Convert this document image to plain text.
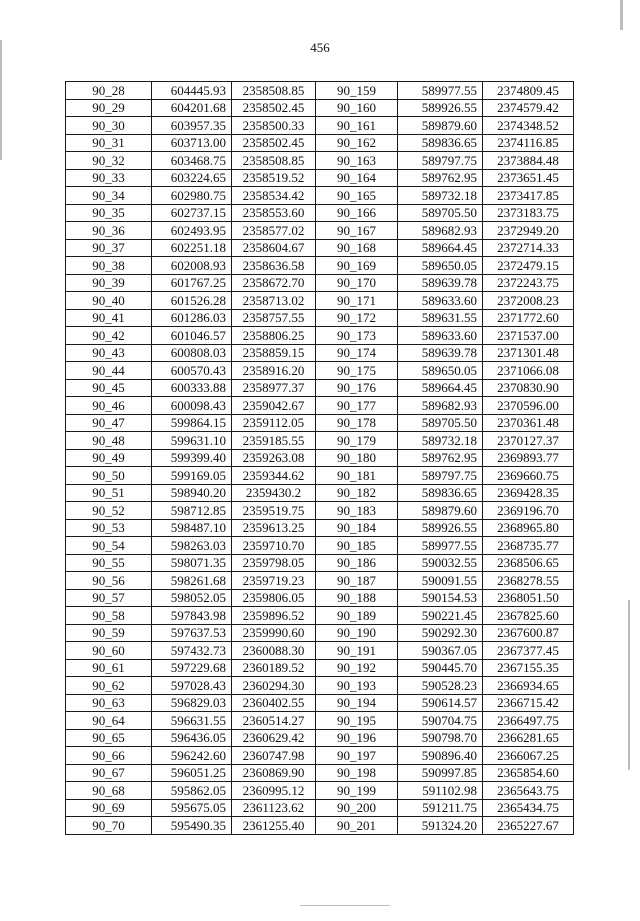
456
90_28	604445.93	2358508.85	90_159	589977.55	2374809.45
90_29	604201.68	2358502.45	90_160	589926.55	2374579.42
90_30	603957.35	2358500.33	90_161	589879.60	2374348.52
90_31	603713.00	2358502.45	90_162	589836.65	2374116.85
90_32	603468.75	2358508.85	90_163	589797.75	2373884.48
90_33	603224.65	2358519.52	90_164	589762.95	2373651.45
90_34	602980.75	2358534.42	90_165	589732.18	2373417.85
90_35	602737.15	2358553.60	90_166	589705.50	2373183.75
90_36	602493.95	2358577.02	90_167	589682.93	2372949.20
90_37	602251.18	2358604.67	90_168	589664.45	2372714.33
90_38	602008.93	2358636.58	90_169	589650.05	2372479.15
90_39	601767.25	2358672.70	90_170	589639.78	2372243.75
90_40	601526.28	2358713.02	90_171	589633.60	2372008.23
90_41	601286.03	2358757.55	90_172	589631.55	2371772.60
90_42	601046.57	2358806.25	90_173	589633.60	2371537.00
90_43	600808.03	2358859.15	90_174	589639.78	2371301.48
90_44	600570.43	2358916.20	90_175	589650.05	2371066.08
90_45	600333.88	2358977.37	90_176	589664.45	2370830.90
90_46	600098.43	2359042.67	90_177	589682.93	2370596.00
90_47	599864.15	2359112.05	90_178	589705.50	2370361.48
90_48	599631.10	2359185.55	90_179	589732.18	2370127.37
90_49	599399.40	2359263.08	90_180	589762.95	2369893.77
90_50	599169.05	2359344.62	90_181	589797.75	2369660.75
90_51	598940.20	2359430.2	90_182	589836.65	2369428.35
90_52	598712.85	2359519.75	90_183	589879.60	2369196.70
90_53	598487.10	2359613.25	90_184	589926.55	2368965.80
90_54	598263.03	2359710.70	90_185	589977.55	2368735.77
90_55	598071.35	2359798.05	90_186	590032.55	2368506.65
90_56	598261.68	2359719.23	90_187	590091.55	2368278.55
90_57	598052.05	2359806.05	90_188	590154.53	2368051.50
90_58	597843.98	2359896.52	90_189	590221.45	2367825.60
90_59	597637.53	2359990.60	90_190	590292.30	2367600.87
90_60	597432.73	2360088.30	90_191	590367.05	2367377.45
90_61	597229.68	2360189.52	90_192	590445.70	2367155.35
90_62	597028.43	2360294.30	90_193	590528.23	2366934.65
90_63	596829.03	2360402.55	90_194	590614.57	2366715.42
90_64	596631.55	2360514.27	90_195	590704.75	2366497.75
90_65	596436.05	2360629.42	90_196	590798.70	2366281.65
90_66	596242.60	2360747.98	90_197	590896.40	2366067.25
90_67	596051.25	2360869.90	90_198	590997.85	2365854.60
90_68	595862.05	2360995.12	90_199	591102.98	2365643.75
90_69	595675.05	2361123.62	90_200	591211.75	2365434.75
90_70	595490.35	2361255.40	90_201	591324.20	2365227.67
